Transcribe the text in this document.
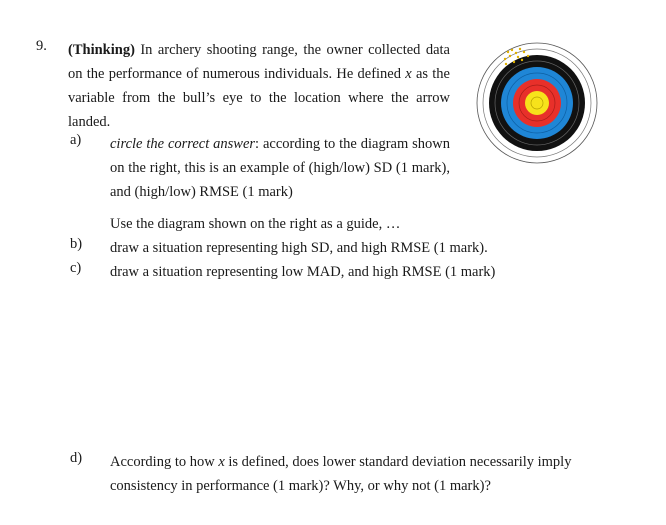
9. (Thinking) In archery shooting range, the owner collected data on the performance of numerous individuals. He defined x as the variable from the bull’s eye to the location where the arrow landed.
a) circle the correct answer: according to the diagram shown on the right, this is an example of (high/low) SD (1 mark), and (high/low) RMSE (1 mark)
Use the diagram shown on the right as a guide, …
b) draw a situation representing high SD, and high RMSE (1 mark).
c) draw a situation representing low MAD, and high RMSE (1 mark)
d) According to how x is defined, does lower standard deviation necessarily imply consistency in performance (1 mark)? Why, or why not (1 mark)?
